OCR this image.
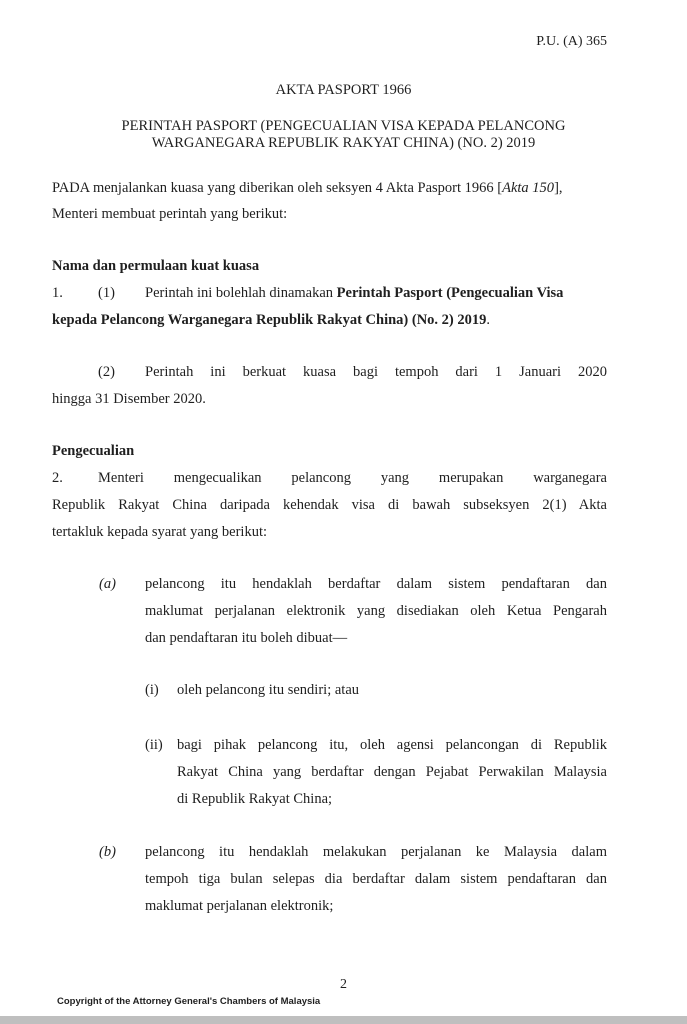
P.U. (A) 365
AKTA PASPORT 1966
PERINTAH PASPORT (PENGECUALIAN VISA KEPADA PELANCONG
WARGANEGARA REPUBLIK RAKYAT CHINA) (NO. 2) 2019
PADA menjalankan kuasa yang diberikan oleh seksyen 4 Akta Pasport 1966 [Akta 150],
Menteri membuat perintah yang berikut:
Nama dan permulaan kuat kuasa
1. (1) Perintah ini bolehlah dinamakan Perintah Pasport (Pengecualian Visa
kepada Pelancong Warganegara Republik Rakyat China) (No. 2) 2019.
(2) Perintah ini berkuat kuasa bagi tempoh dari 1 Januari 2020
hingga 31 Disember 2020.
Pengecualian
2. Menteri mengecualikan pelancong yang merupakan warganegara
Republik Rakyat China daripada kehendak visa di bawah subseksyen 2(1) Akta
tertakluk kepada syarat yang berikut:
(a) pelancong itu hendaklah berdaftar dalam sistem pendaftaran dan
maklumat perjalanan elektronik yang disediakan oleh Ketua Pengarah
dan pendaftaran itu boleh dibuat—
(i) oleh pelancong itu sendiri; atau
(ii) bagi pihak pelancong itu, oleh agensi pelancongan di Republik
Rakyat China yang berdaftar dengan Pejabat Perwakilan Malaysia
di Republik Rakyat China;
(b) pelancong itu hendaklah melakukan perjalanan ke Malaysia dalam
tempoh tiga bulan selepas dia berdaftar dalam sistem pendaftaran dan
maklumat perjalanan elektronik;
2
Copyright of the Attorney General's Chambers of Malaysia
